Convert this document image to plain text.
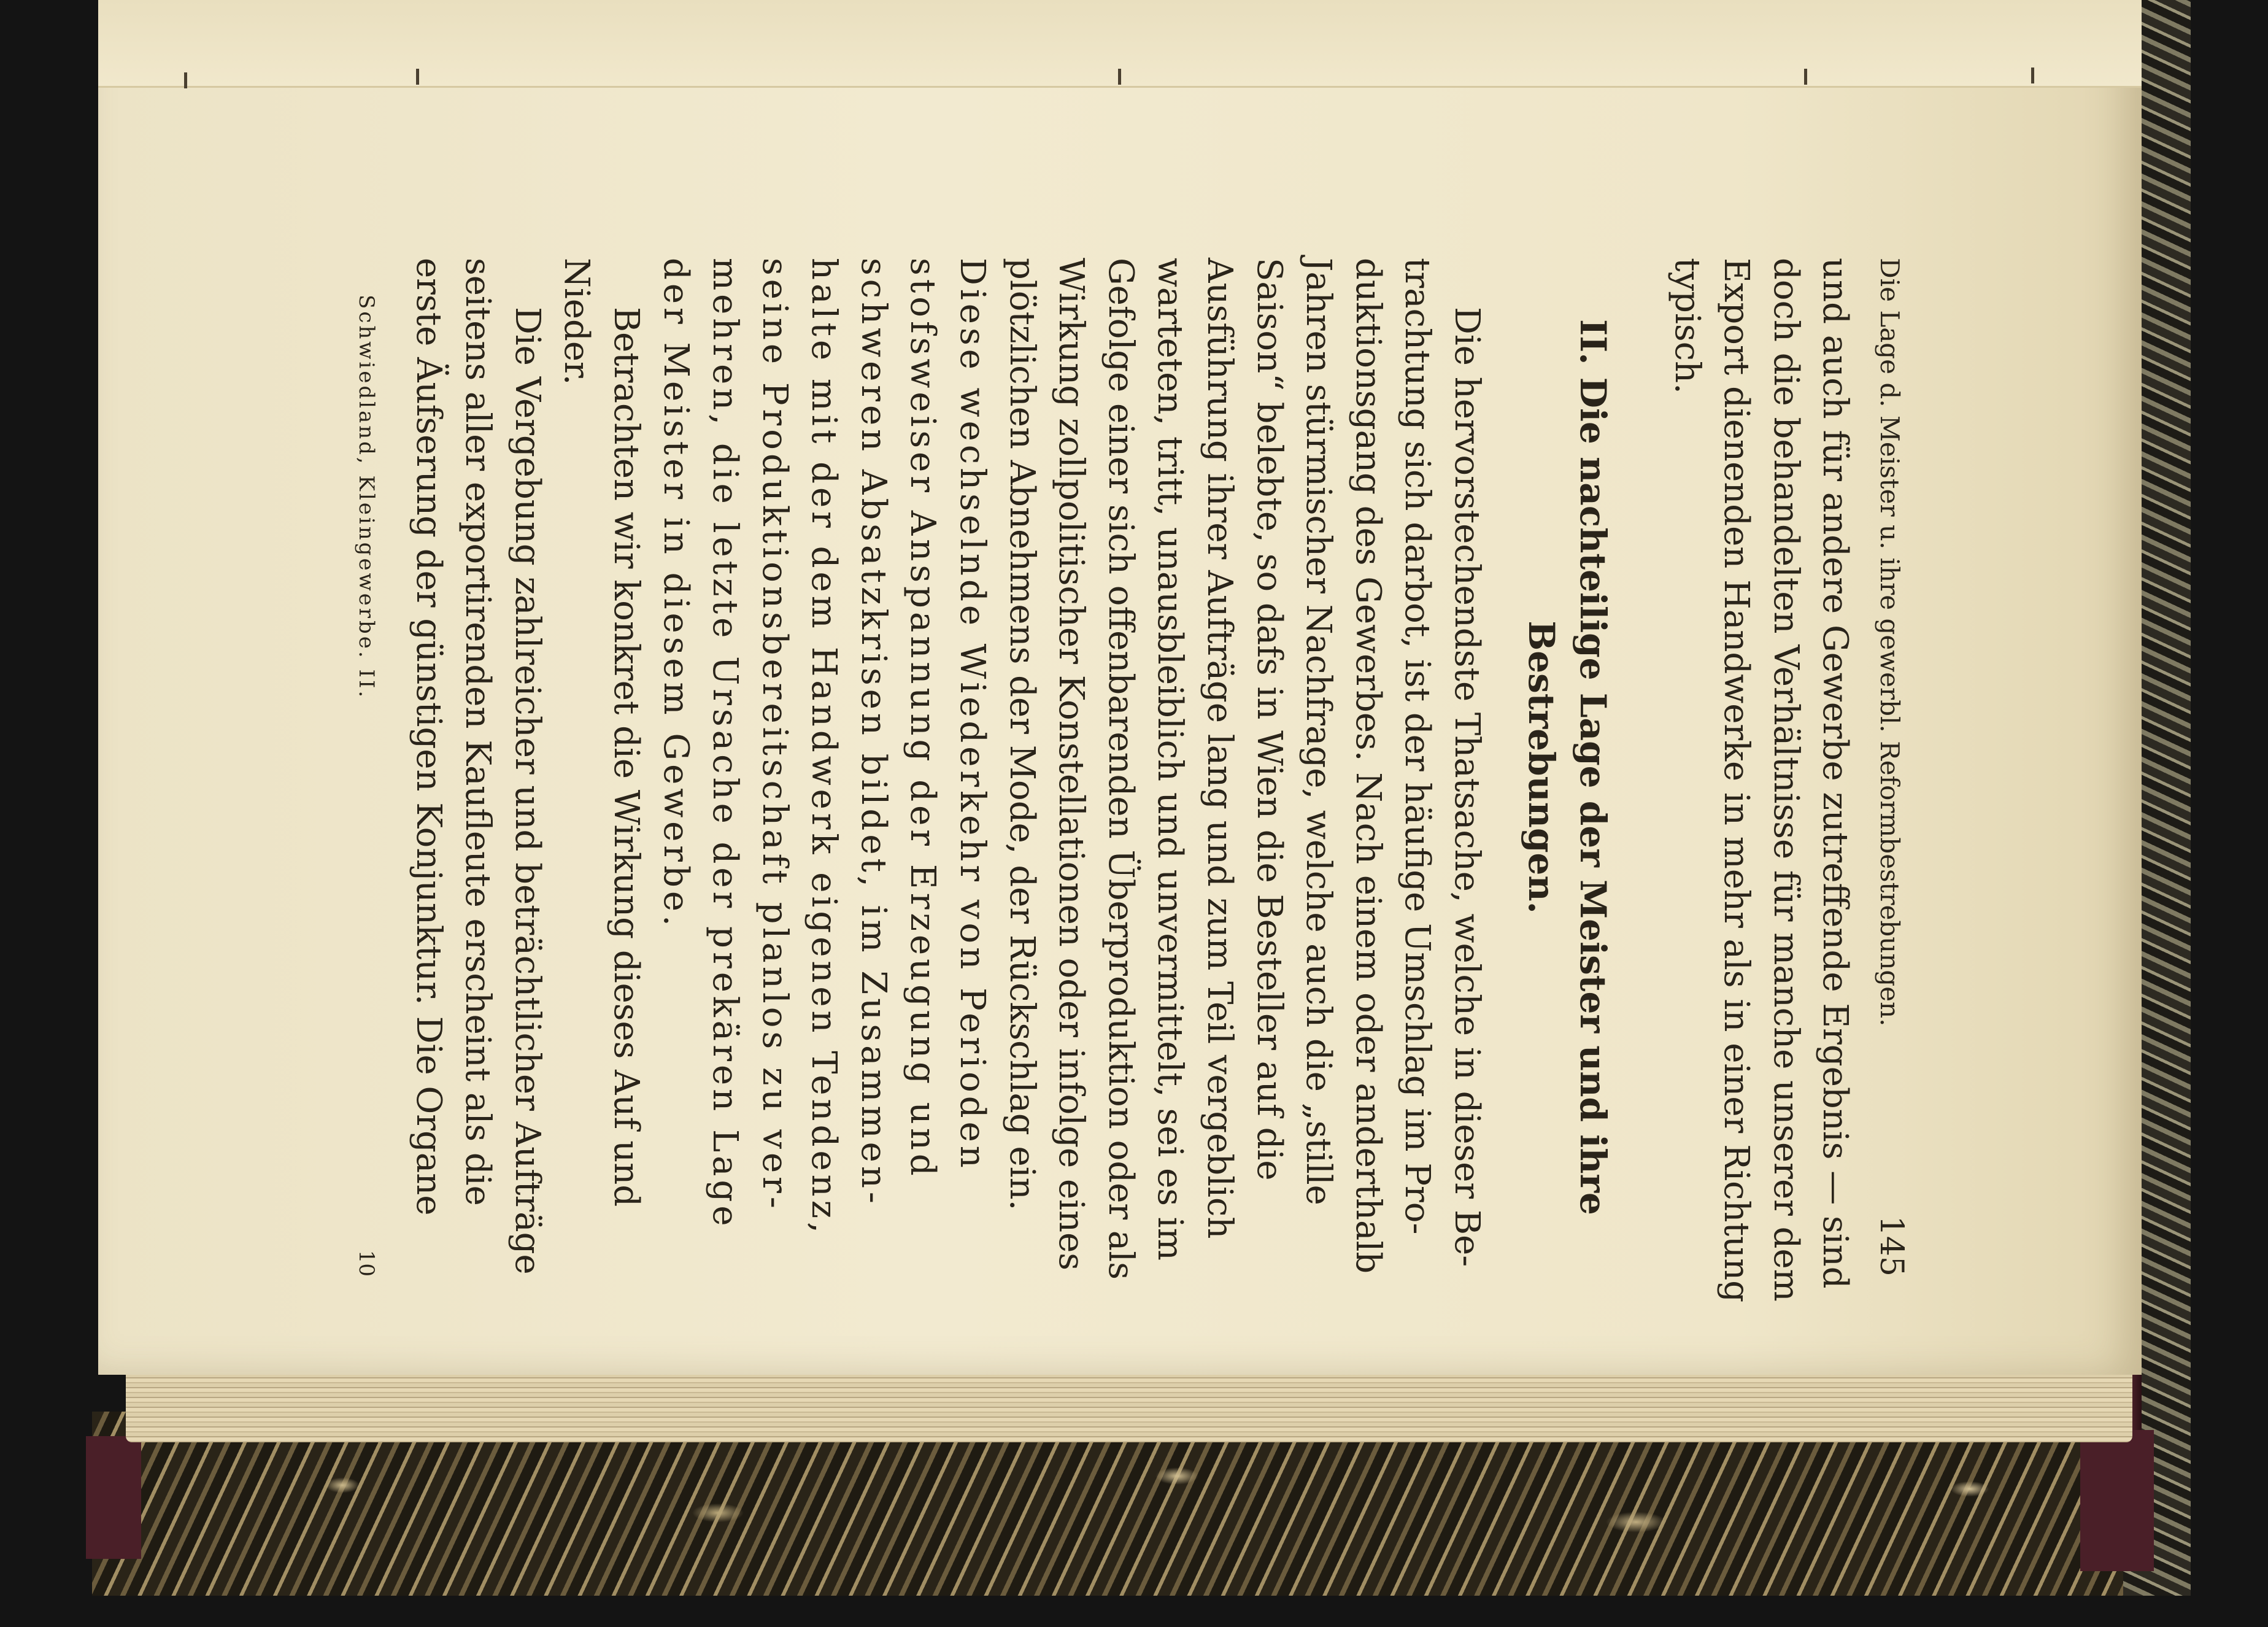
Die Lage d. Meister u. ihre gewerbl. Reformbestrebungen.
145
und auch für andere Gewerbe zutreffende Ergebnis — sind
doch die behandelten Verhältnisse für manche unserer dem
Export dienenden Handwerke in mehr als in einer Richtung
typisch.
II. Die nachteilige Lage der Meister und ihre
Bestrebungen.
Die hervorstechendste Thatsache, welche in dieser Be-
trachtung sich darbot, ist der häufige Umschlag im Pro-
duktionsgang des Gewerbes. Nach einem oder anderthalb
Jahren stürmischer Nachfrage, welche auch die „stille
Saison“ belebte, so dafs in Wien die Besteller auf die
Ausführung ihrer Aufträge lang und zum Teil vergeblich
warteten, tritt, unausbleiblich und unvermittelt, sei es im
Gefolge einer sich offenbarenden Überproduktion oder als
Wirkung zollpolitischer Konstellationen oder infolge eines
plötzlichen Abnehmens der Mode, der Rückschlag ein.
Diese wechselnde Wiederkehr von Perioden
stofsweiser Anspannung der Erzeugung und
schweren Absatzkrisen bildet, im Zusammen-
halte mit der dem Handwerk eigenen Tendenz,
seine Produktionsbereitschaft planlos zu ver-
mehren, die letzte Ursache der prekären Lage
der Meister in diesem Gewerbe.
Betrachten wir konkret die Wirkung dieses Auf und
Nieder.
Die Vergebung zahlreicher und beträchtlicher Aufträge
seitens aller exportirenden Kaufleute erscheint als die
erste Äufserung der günstigen Konjunktur. Die Organe
Schwiedland, Kleingewerbe. II.
10
